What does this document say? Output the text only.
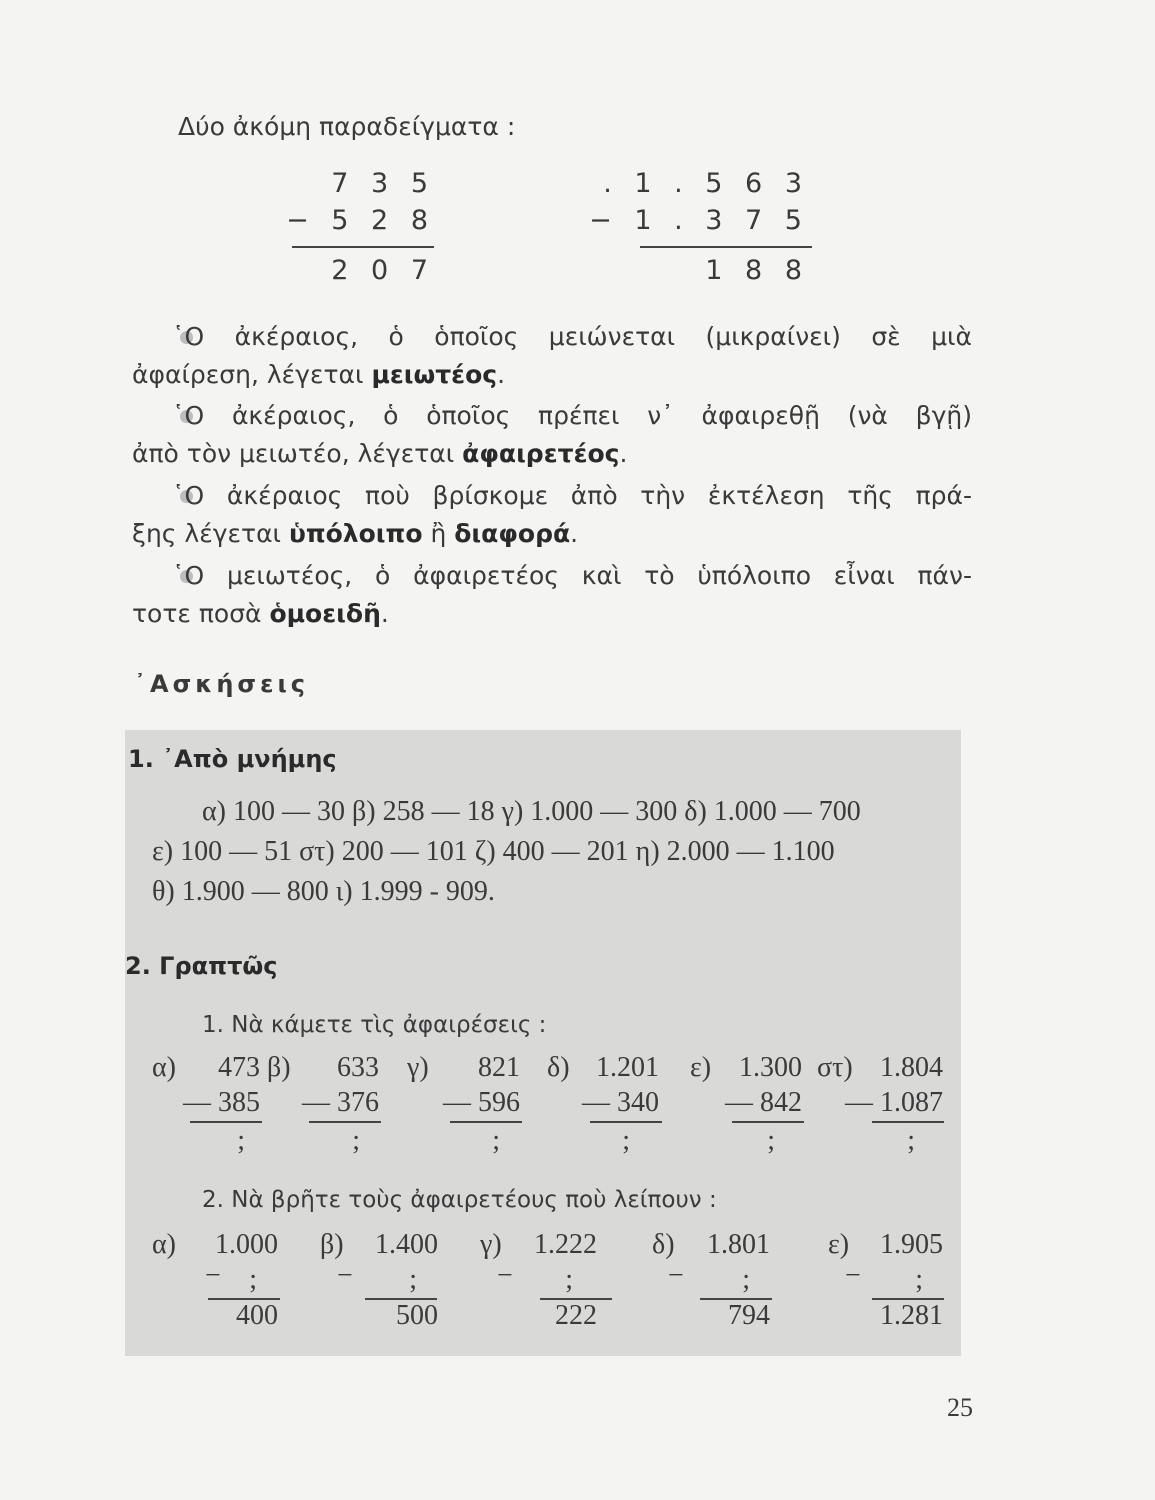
Δύο ἀκόμη παραδείγματα :
7 3 5
− 5 2 8
2 0 7
. 1 . 5 6 3
− 1 . 3 7 5
1 8 8
῾Ο ἀκέραιος, ὁ ὁποῖος μειώνεται (μικραίνει) σὲ μιὰ
ἀφαίρεση, λέγεται μειωτέος.
῾Ο ἀκέραιος, ὁ ὁποῖος πρέπει ν᾽ ἀφαιρεθῇ (νὰ βγῇ)
ἀπὸ τὸν μειωτέο, λέγεται ἀφαιρετέος.
῾Ο ἀκέραιος ποὺ βρίσκομε ἀπὸ τὴν ἐκτέλεση τῆς πρά-
ξης λέγεται ὑπόλοιπο ἢ διαφορά.
῾Ο μειωτέος, ὁ ἀφαιρετέος καὶ τὸ ὑπόλοιπο εἶναι πάν-
τοτε ποσὰ ὁμοειδῆ.
᾿Ασκήσεις
1. ᾿Απὸ μνήμης
α) 100 — 30 β) 258 — 18 γ) 1.000 — 300 δ) 1.000 — 700
ε) 100 — 51 στ) 200 — 101 ζ) 400 — 201 η) 2.000 — 1.100
θ) 1.900 — 800 ι) 1.999 - 909.
2. Γραπτῶς
1. Νὰ κάμετε τὶς ἀφαιρέσεις :
α) 473
— 385
;
β) 633
— 376
;
γ) 821
— 596
;
δ) 1.201
— 340
;
ε) 1.300
— 842
;
στ) 1.804
— 1.087
;
2. Νὰ βρῆτε τοὺς ἀφαιρετέους ποὺ λείπουν :
α) 1.000
− ;
400
β) 1.400
− ;
500
γ) 1.222
− ;
222
δ) 1.801
− ;
794
ε) 1.905
− ;
1.281
25
